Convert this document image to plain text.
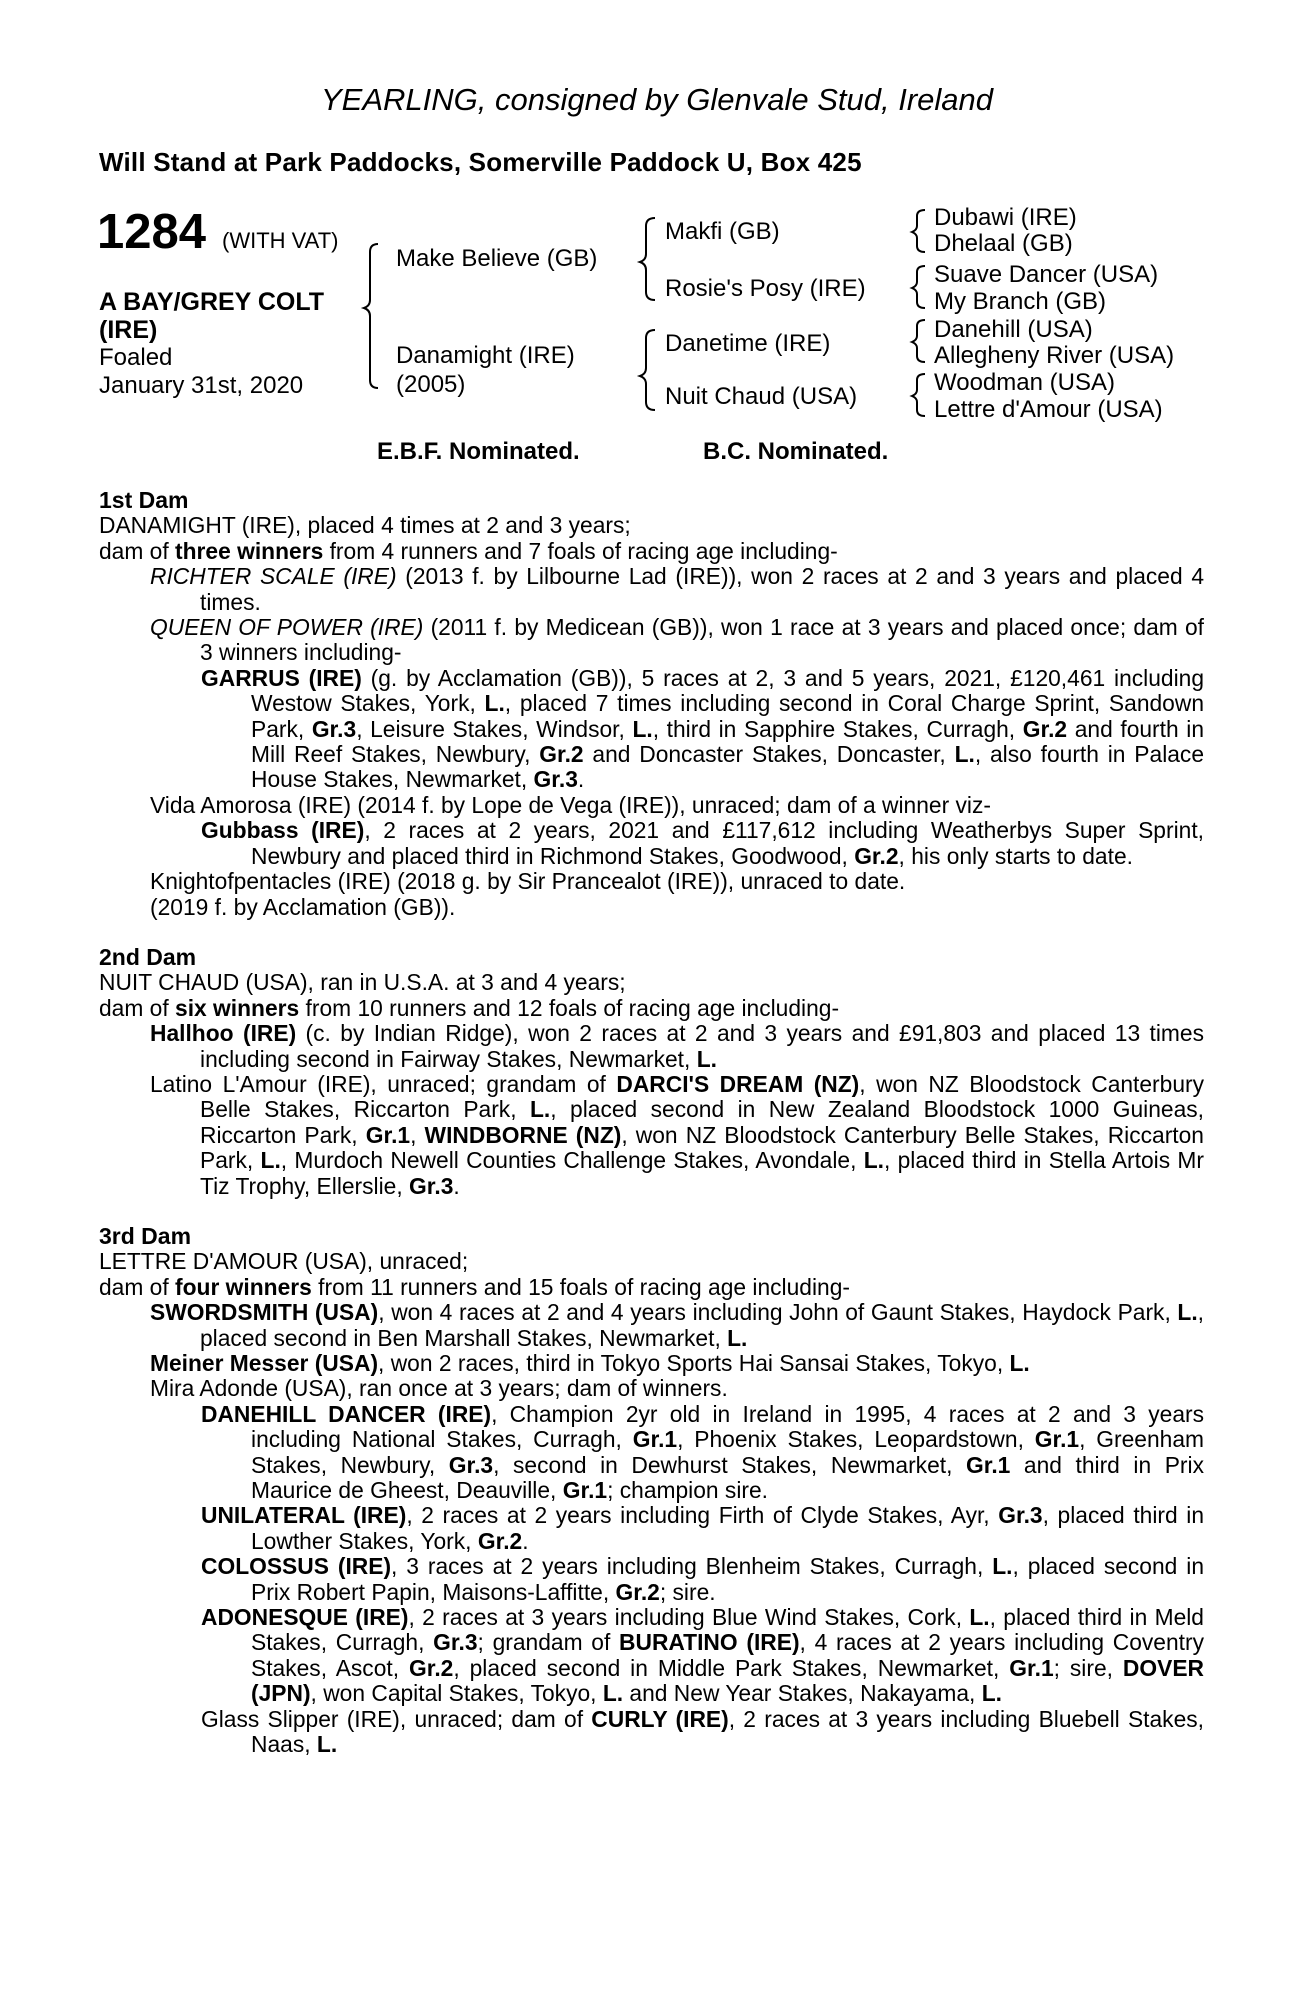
YEARLING, consigned by Glenvale Stud, Ireland
Will Stand at Park Paddocks, Somerville Paddock U, Box 425
1284 (WITH VAT)
A BAY/GREY COLT
(IRE)
Foaled
January 31st, 2020
Make Believe (GB)
Danamight (IRE)
(2005)
Makfi (GB)
Rosie's Posy (IRE)
Danetime (IRE)
Nuit Chaud (USA)
Dubawi (IRE)
Dhelaal (GB)
Suave Dancer (USA)
My Branch (GB)
Danehill (USA)
Allegheny River (USA)
Woodman (USA)
Lettre d'Amour (USA)
E.B.F. Nominated.	B.C. Nominated.

1st Dam

DANAMIGHT (IRE), placed 4 times at 2 and 3 years;

dam of three winners from 4 runners and 7 foals of racing age including-

RICHTER SCALE (IRE) (2013 f. by Lilbourne Lad (IRE)), won 2 races at 2 and 3 years and placed 4 times.

QUEEN OF POWER (IRE) (2011 f. by Medicean (GB)), won 1 race at 3 years and placed once; dam of 3 winners including-

GARRUS (IRE) (g. by Acclamation (GB)), 5 races at 2, 3 and 5 years, 2021, £120,461 including Westow Stakes, York, L., placed 7 times including second in Coral Charge Sprint, Sandown Park, Gr.3, Leisure Stakes, Windsor, L., third in Sapphire Stakes, Curragh, Gr.2 and fourth in Mill Reef Stakes, Newbury, Gr.2 and Doncaster Stakes, Doncaster, L., also fourth in Palace House Stakes, Newmarket, Gr.3.

Vida Amorosa (IRE) (2014 f. by Lope de Vega (IRE)), unraced; dam of a winner viz-

Gubbass (IRE), 2 races at 2 years, 2021 and £117,612 including Weatherbys Super Sprint, Newbury and placed third in Richmond Stakes, Goodwood, Gr.2, his only starts to date.

Knightofpentacles (IRE) (2018 g. by Sir Prancealot (IRE)), unraced to date.

(2019 f. by Acclamation (GB)).

2nd Dam

NUIT CHAUD (USA), ran in U.S.A. at 3 and 4 years;

dam of six winners from 10 runners and 12 foals of racing age including-

Hallhoo (IRE) (c. by Indian Ridge), won 2 races at 2 and 3 years and £91,803 and placed 13 times including second in Fairway Stakes, Newmarket, L.

Latino L'Amour (IRE), unraced; grandam of DARCI'S DREAM (NZ), won NZ Bloodstock Canterbury Belle Stakes, Riccarton Park, L., placed second in New Zealand Bloodstock 1000 Guineas, Riccarton Park, Gr.1, WINDBORNE (NZ), won NZ Bloodstock Canterbury Belle Stakes, Riccarton Park, L., Murdoch Newell Counties Challenge Stakes, Avondale, L., placed third in Stella Artois Mr Tiz Trophy, Ellerslie, Gr.3.

3rd Dam

LETTRE D'AMOUR (USA), unraced;

dam of four winners from 11 runners and 15 foals of racing age including-

SWORDSMITH (USA), won 4 races at 2 and 4 years including John of Gaunt Stakes, Haydock Park, L., placed second in Ben Marshall Stakes, Newmarket, L.

Meiner Messer (USA), won 2 races, third in Tokyo Sports Hai Sansai Stakes, Tokyo, L.

Mira Adonde (USA), ran once at 3 years; dam of winners.

DANEHILL DANCER (IRE), Champion 2yr old in Ireland in 1995, 4 races at 2 and 3 years including National Stakes, Curragh, Gr.1, Phoenix Stakes, Leopardstown, Gr.1, Greenham Stakes, Newbury, Gr.3, second in Dewhurst Stakes, Newmarket, Gr.1 and third in Prix Maurice de Gheest, Deauville, Gr.1; champion sire.

UNILATERAL (IRE), 2 races at 2 years including Firth of Clyde Stakes, Ayr, Gr.3, placed third in Lowther Stakes, York, Gr.2.

COLOSSUS (IRE), 3 races at 2 years including Blenheim Stakes, Curragh, L., placed second in Prix Robert Papin, Maisons-Laffitte, Gr.2; sire.

ADONESQUE (IRE), 2 races at 3 years including Blue Wind Stakes, Cork, L., placed third in Meld Stakes, Curragh, Gr.3; grandam of BURATINO (IRE), 4 races at 2 years including Coventry Stakes, Ascot, Gr.2, placed second in Middle Park Stakes, Newmarket, Gr.1; sire, DOVER (JPN), won Capital Stakes, Tokyo, L. and New Year Stakes, Nakayama, L.

Glass Slipper (IRE), unraced; dam of CURLY (IRE), 2 races at 3 years including Bluebell Stakes, Naas, L.
